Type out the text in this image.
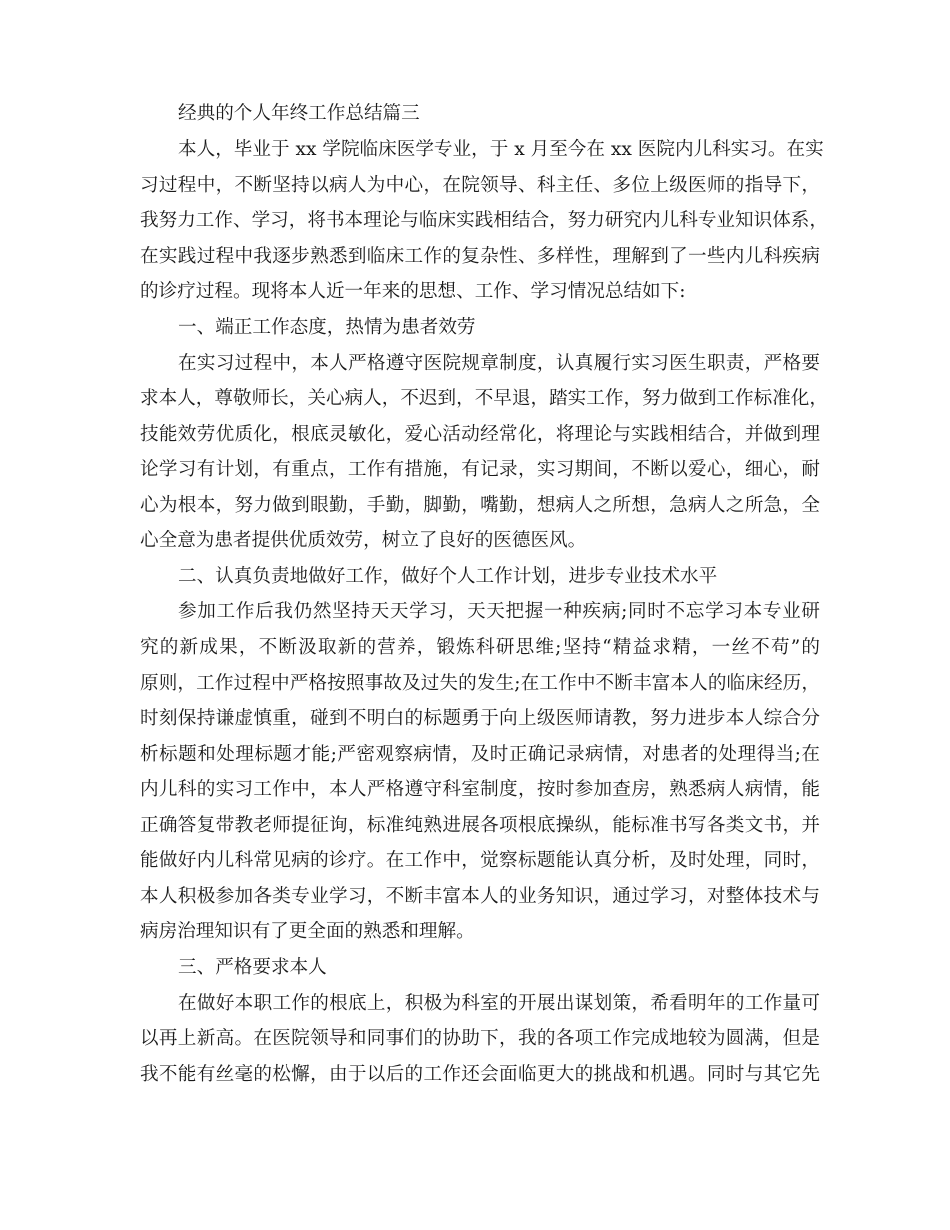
经典的个人年终工作总结篇三
本人，毕业于 xx 学院临床医学专业，于 x 月至今在 xx 医院内儿科实习。在实
习过程中，不断坚持以病人为中心，在院领导、科主任、多位上级医师的指导下，
我努力工作、学习，将书本理论与临床实践相结合，努力研究内儿科专业知识体系，
在实践过程中我逐步熟悉到临床工作的复杂性、多样性，理解到了一些内儿科疾病
的诊疗过程。现将本人近一年来的思想、工作、学习情况总结如下:
一、端正工作态度，热情为患者效劳
在实习过程中，本人严格遵守医院规章制度，认真履行实习医生职责，严格要
求本人，尊敬师长，关心病人，不迟到，不早退，踏实工作，努力做到工作标准化，
技能效劳优质化，根底灵敏化，爱心活动经常化，将理论与实践相结合，并做到理
论学习有计划，有重点，工作有措施，有记录，实习期间，不断以爱心，细心，耐
心为根本，努力做到眼勤，手勤，脚勤，嘴勤，想病人之所想，急病人之所急，全
心全意为患者提供优质效劳，树立了良好的医德医风。
二、认真负责地做好工作，做好个人工作计划，进步专业技术水平
参加工作后我仍然坚持天天学习，天天把握一种疾病;同时不忘学习本专业研
究的新成果，不断汲取新的营养，锻炼科研思维;坚持“精益求精，一丝不苟”的
原则，工作过程中严格按照事故及过失的发生;在工作中不断丰富本人的临床经历，
时刻保持谦虚慎重，碰到不明白的标题勇于向上级医师请教，努力进步本人综合分
析标题和处理标题才能;严密观察病情，及时正确记录病情，对患者的处理得当;在
内儿科的实习工作中，本人严格遵守科室制度，按时参加查房，熟悉病人病情，能
正确答复带教老师提征询，标准纯熟进展各项根底操纵，能标准书写各类文书，并
能做好内儿科常见病的诊疗。在工作中，觉察标题能认真分析，及时处理，同时，
本人积极参加各类专业学习，不断丰富本人的业务知识，通过学习，对整体技术与
病房治理知识有了更全面的熟悉和理解。
三、严格要求本人
在做好本职工作的根底上，积极为科室的开展出谋划策，希看明年的工作量可
以再上新高。在医院领导和同事们的协助下，我的各项工作完成地较为圆满，但是
我不能有丝毫的松懈，由于以后的工作还会面临更大的挑战和机遇。同时与其它先
